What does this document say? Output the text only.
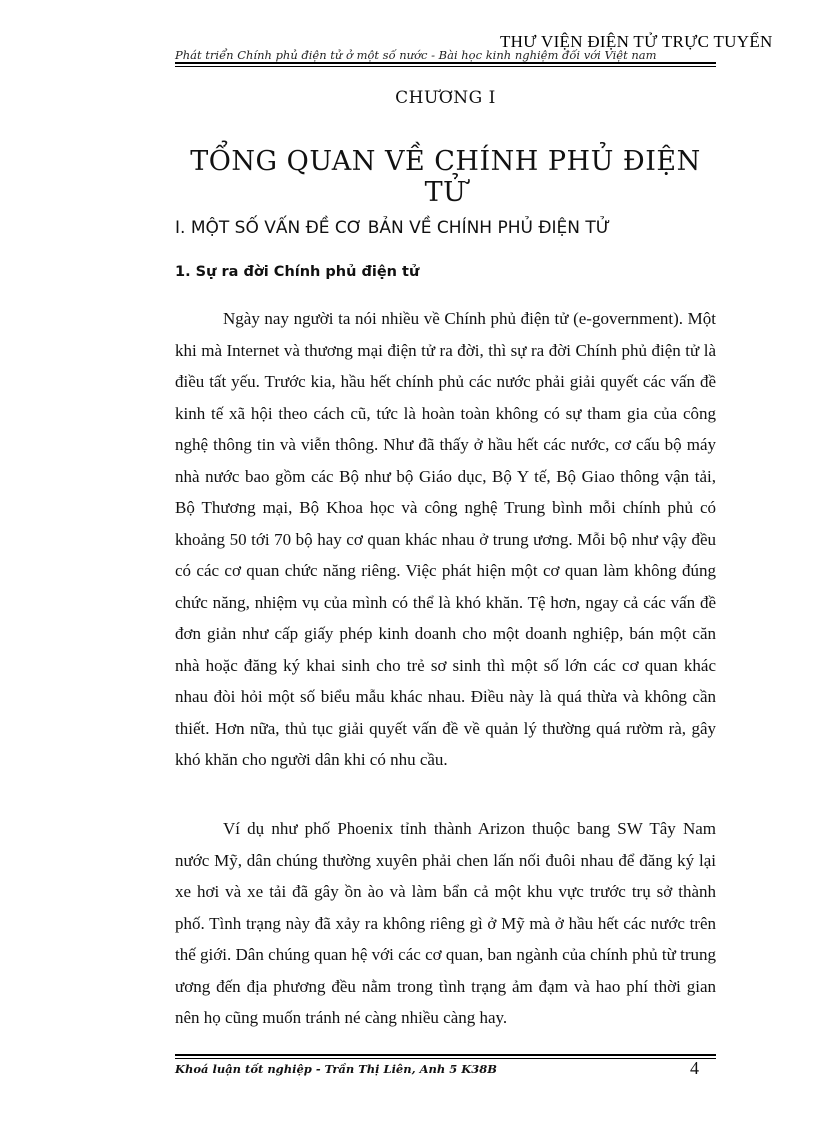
Phát triển Chính phủ điện tử ở một số nước - Bài học kinh nghiệm đối với Việt nam
THƯ VIỆN ĐIỆN TỬ TRỰC TUYẾN
CHƯƠNG I
TỔNG QUAN VỀ CHÍNH PHỦ ĐIỆN TỬ
I. MỘT SỐ VẤN ĐỀ CƠ BẢN VỀ CHÍNH PHỦ ĐIỆN TỬ
1. Sự ra đời Chính phủ điện tử

Ngày nay người ta nói nhiều về Chính phủ điện tử (e-government). Một khi mà Internet và thương mại điện tử ra đời, thì sự ra đời Chính phủ điện tử là điều tất yếu. Trước kia, hầu hết chính phủ các nước phải giải quyết các vấn đề kinh tế xã hội theo cách cũ, tức là hoàn toàn không có sự tham gia của công nghệ thông tin và viễn thông. Như đã thấy ở hầu hết các nước, cơ cấu bộ máy nhà nước bao gồm các Bộ như bộ Giáo dục, Bộ Y tế, Bộ Giao thông vận tải, Bộ Thương mại, Bộ Khoa học và công nghệ Trung bình mỗi chính phủ có khoảng 50 tới 70 bộ hay cơ quan khác nhau ở trung ương. Mỗi bộ như vậy đều có các cơ quan chức năng riêng. Việc phát hiện một cơ quan làm không đúng chức năng, nhiệm vụ của mình có thể là khó khăn. Tệ hơn, ngay cả các vấn đề đơn giản như cấp giấy phép kinh doanh cho một doanh nghiệp, bán một căn nhà hoặc đăng ký khai sinh cho trẻ sơ sinh thì một số lớn các cơ quan khác nhau đòi hỏi một số biểu mẫu khác nhau. Điều này là quá thừa và không cần thiết. Hơn nữa, thủ tục giải quyết vấn đề về quản lý thường quá rườm rà, gây khó khăn cho người dân khi có nhu cầu.

Ví dụ như phố Phoenix tỉnh thành Arizon thuộc bang SW Tây Nam nước Mỹ, dân chúng thường xuyên phải chen lấn nối đuôi nhau để đăng ký lại xe hơi và xe tải đã gây ồn ào và làm bẩn cả một khu vực trước trụ sở thành phố. Tình trạng này đã xảy ra không riêng gì ở Mỹ mà ở hầu hết các nước trên thế giới. Dân chúng quan hệ với các cơ quan, ban ngành của chính phủ từ trung ương đến địa phương đều nằm trong tình trạng ảm đạm và hao phí thời gian nên họ cũng muốn tránh né càng nhiều càng hay.

Khoá luận tốt nghiệp - Trần Thị Liên, Anh 5 K38B	4
